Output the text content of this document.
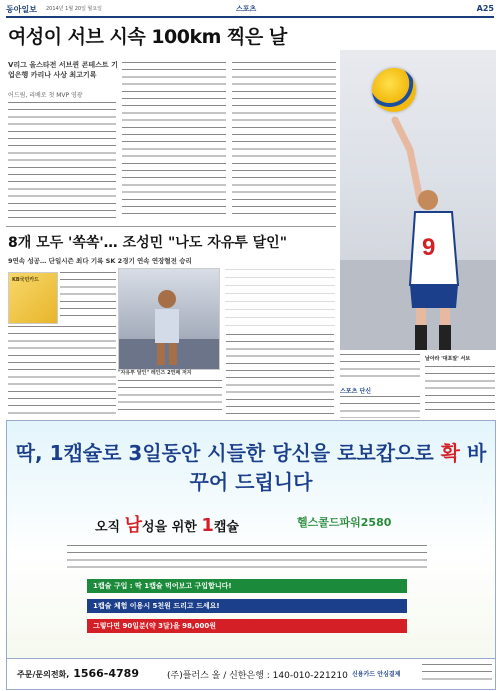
동아일보 2014년 1월 20일 월요일	스포츠	A25
여성이 서브 시속 100km 찍은 날
V리그 올스타전 서브퀸 콘테스트 기업은행 카리나 사상 최고기록
어드림, 리베로 첫 MVP 영광
9
8개 모두 '쏙쏙'… 조성민 "나도 자유투 달인"
9연속 성공… 단일시즌 최다 기록 SK 2경기 연속 연장혈전 승리
KB국민카드
"자유투 달인" 레인즈 2연패 저지
스포츠 단신
날아라 '대포알' 서브
딱, 1캡슐로 3일동안 시들한 당신을 로보캅으로 확 바꾸어 드립니다
오직 남성을 위한 1캡슐	헬스콜드파워2580
1캡슐 구입 : 딱 1캡슐 먹어보고 구입합니다!
1캡슐 체험 이용시 5천원 드리고 드세요!
그렇다면 90일분(약 3달)을 98,000원
주문/문의전화, 1566-4789	(주)플러스 올 / 신한은행 : 140-010-221210 신용카드 안심결제
